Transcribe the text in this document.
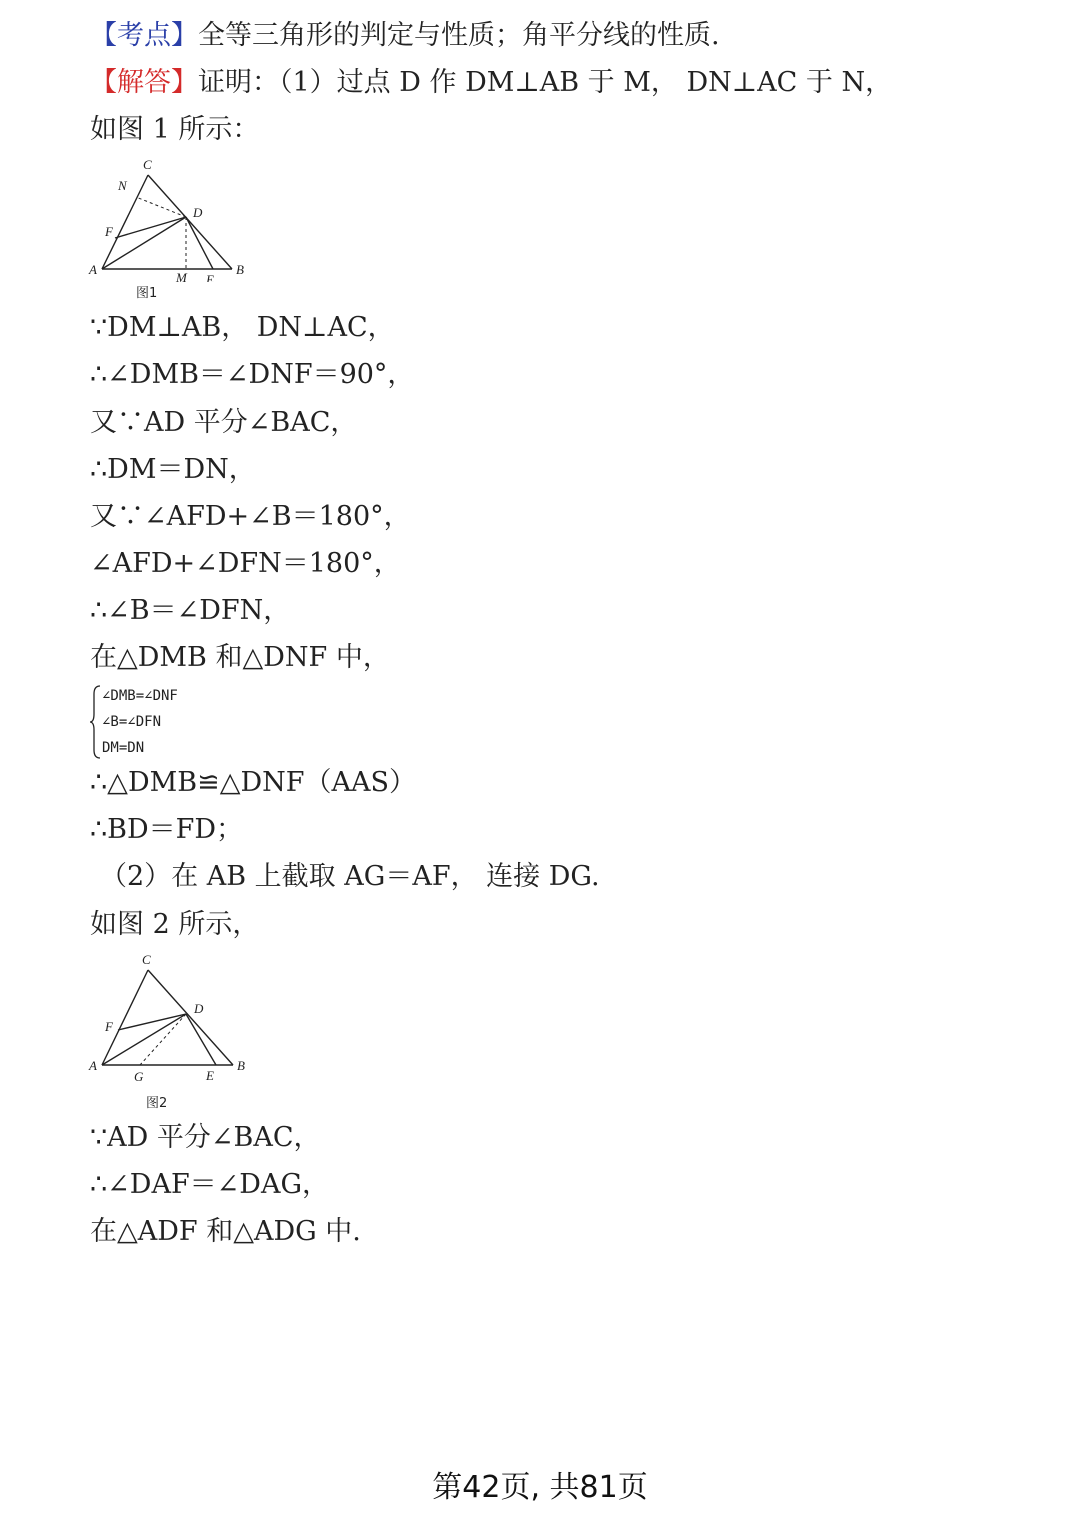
【考点】全等三角形的判定与性质；角平分线的性质.
【解答】证明：（1）过点 D 作 DM⊥AB 于 M， DN⊥AC 于 N，
如图 1 所示：
C
N
D
F
A	B
M E
图1
∵DM⊥AB， DN⊥AC，
∴∠DMB＝∠DNF＝90°，
又∵AD 平分∠BAC，
∴DM＝DN，
又∵∠AFD+∠B＝180°，
∠AFD+∠DFN＝180°，
∴∠B＝∠DFN，
在△DMB 和△DNF 中，
∠DMB=∠DNF
∠B=∠DFN
DM=DN
∴△DMB≌△DNF（AAS）
∴BD＝FD；
（2）在 AB 上截取 AG＝AF， 连接 DG.
如图 2 所示，
C
D
F
A	B
G	E
图2
∵AD 平分∠BAC，
∴∠DAF＝∠DAG，
在△ADF 和△ADG 中.
第42页, 共81页
